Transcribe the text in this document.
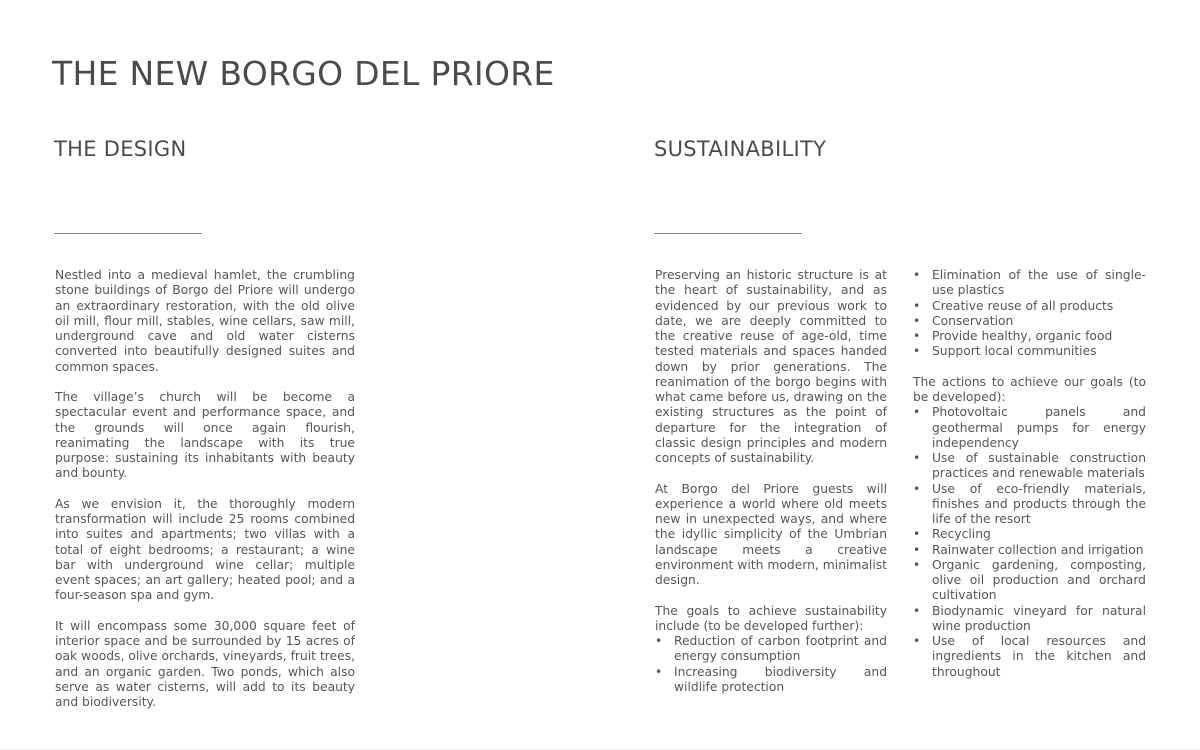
THE NEW BORGO DEL PRIORE
THE DESIGN

Nestled into a medieval hamlet, the crumbling stone buildings of Borgo del Priore will undergo an extraordinary restoration, with the old olive oil mill, flour mill, stables, wine cellars, saw mill, underground cave and old water cisterns converted into beautifully designed suites and common spaces.

The village’s church will be become a spectacular event and performance space, and the grounds will once again flourish, reanimating the landscape with its true purpose: sustaining its inhabitants with beauty and bounty.

As we envision it, the thoroughly modern transformation will include 25 rooms combined into suites and apartments; two villas with a total of eight bedrooms; a restaurant; a wine bar with underground wine cellar; multiple event spaces; an art gallery; heated pool; and a four-season spa and gym.

It will encompass some 30,000 square feet of interior space and be surrounded by 15 acres of oak woods, olive orchards, vineyards, fruit trees, and an organic garden. Two ponds, which also serve as water cisterns, will add to its beauty and biodiversity.

SUSTAINABILITY

Preserving an historic structure is at the heart of sustainability, and as evidenced by our previous work to date, we are deeply committed to the creative reuse of age-old, time tested materials and spaces handed down by prior generations. The reanimation of the borgo begins with what came before us, drawing on the existing structures as the point of departure for the integration of classic design principles and modern concepts of sustainability.

At Borgo del Priore guests will experience a world where old meets new in unexpected ways, and where the idyllic simplicity of the Umbrian landscape meets a creative environment with modern, minimalist design.

The goals to achieve sustainability include (to be developed further):

• Reduction of carbon footprint and energy consumption
• Increasing biodiversity and wildlife protection
• Elimination of the use of single-use plastics
• Creative reuse of all products
• Conservation
• Provide healthy, organic food
• Support local communities

The actions to achieve our goals (to be developed):

• Photovoltaic panels and geothermal pumps for energy independency
• Use of sustainable construction practices and renewable materials
• Use of eco-friendly materials, finishes and products through the life of the resort
• Recycling
• Rainwater collection and irrigation
• Organic gardening, composting, olive oil production and orchard cultivation
• Biodynamic vineyard for natural wine production
• Use of local resources and ingredients in the kitchen and throughout
